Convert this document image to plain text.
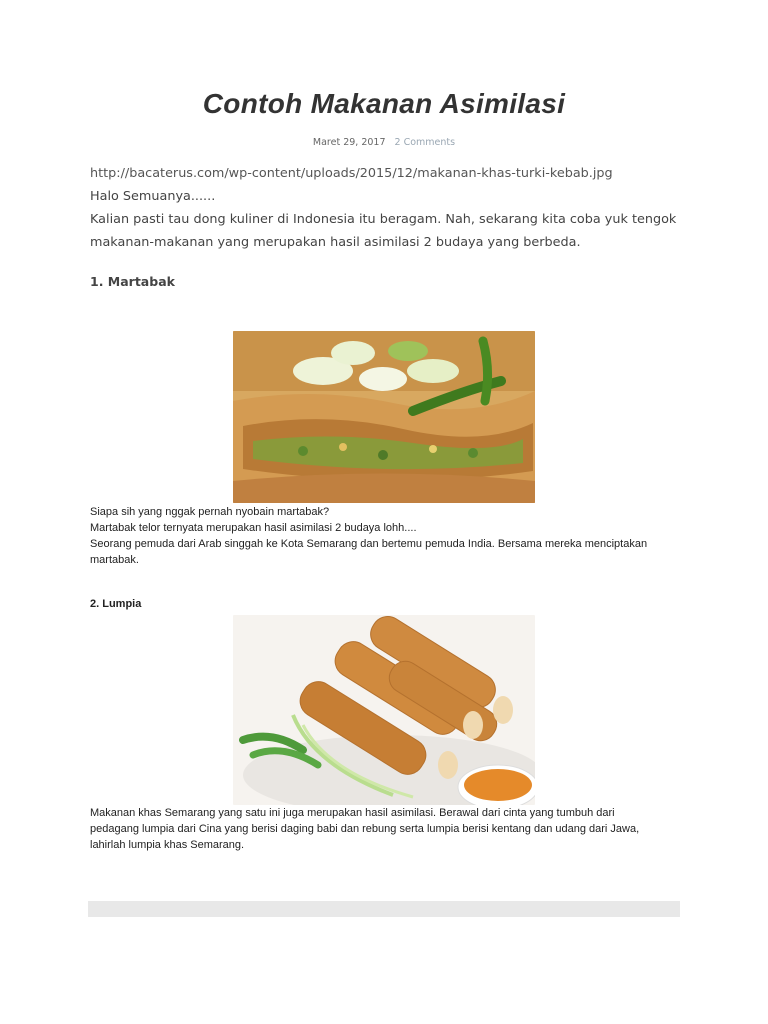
Contoh Makanan Asimilasi
Maret 29, 2017 2 Comments

http://bacaterus.com/wp-content/uploads/2015/12/makanan-khas-turki-kebab.jpg

Halo Semuanya......

Kalian pasti tau dong kuliner di Indonesia itu beragam. Nah, sekarang kita coba yuk tengok

makanan-makanan yang merupakan hasil asimilasi 2 budaya yang berbeda.

1. Martabak

Siapa sih yang nggak pernah nyobain martabak?

Martabak telor ternyata merupakan hasil asimilasi 2 budaya lohh....

Seorang pemuda dari Arab singgah ke Kota Semarang dan bertemu pemuda India. Bersama mereka menciptakan

martabak.

2. Lumpia

Makanan khas Semarang yang satu ini juga merupakan hasil asimilasi. Berawal dari cinta yang tumbuh dari

pedagang lumpia dari Cina yang berisi daging babi dan rebung serta lumpia berisi kentang dan udang dari Jawa,

lahirlah lumpia khas Semarang.
